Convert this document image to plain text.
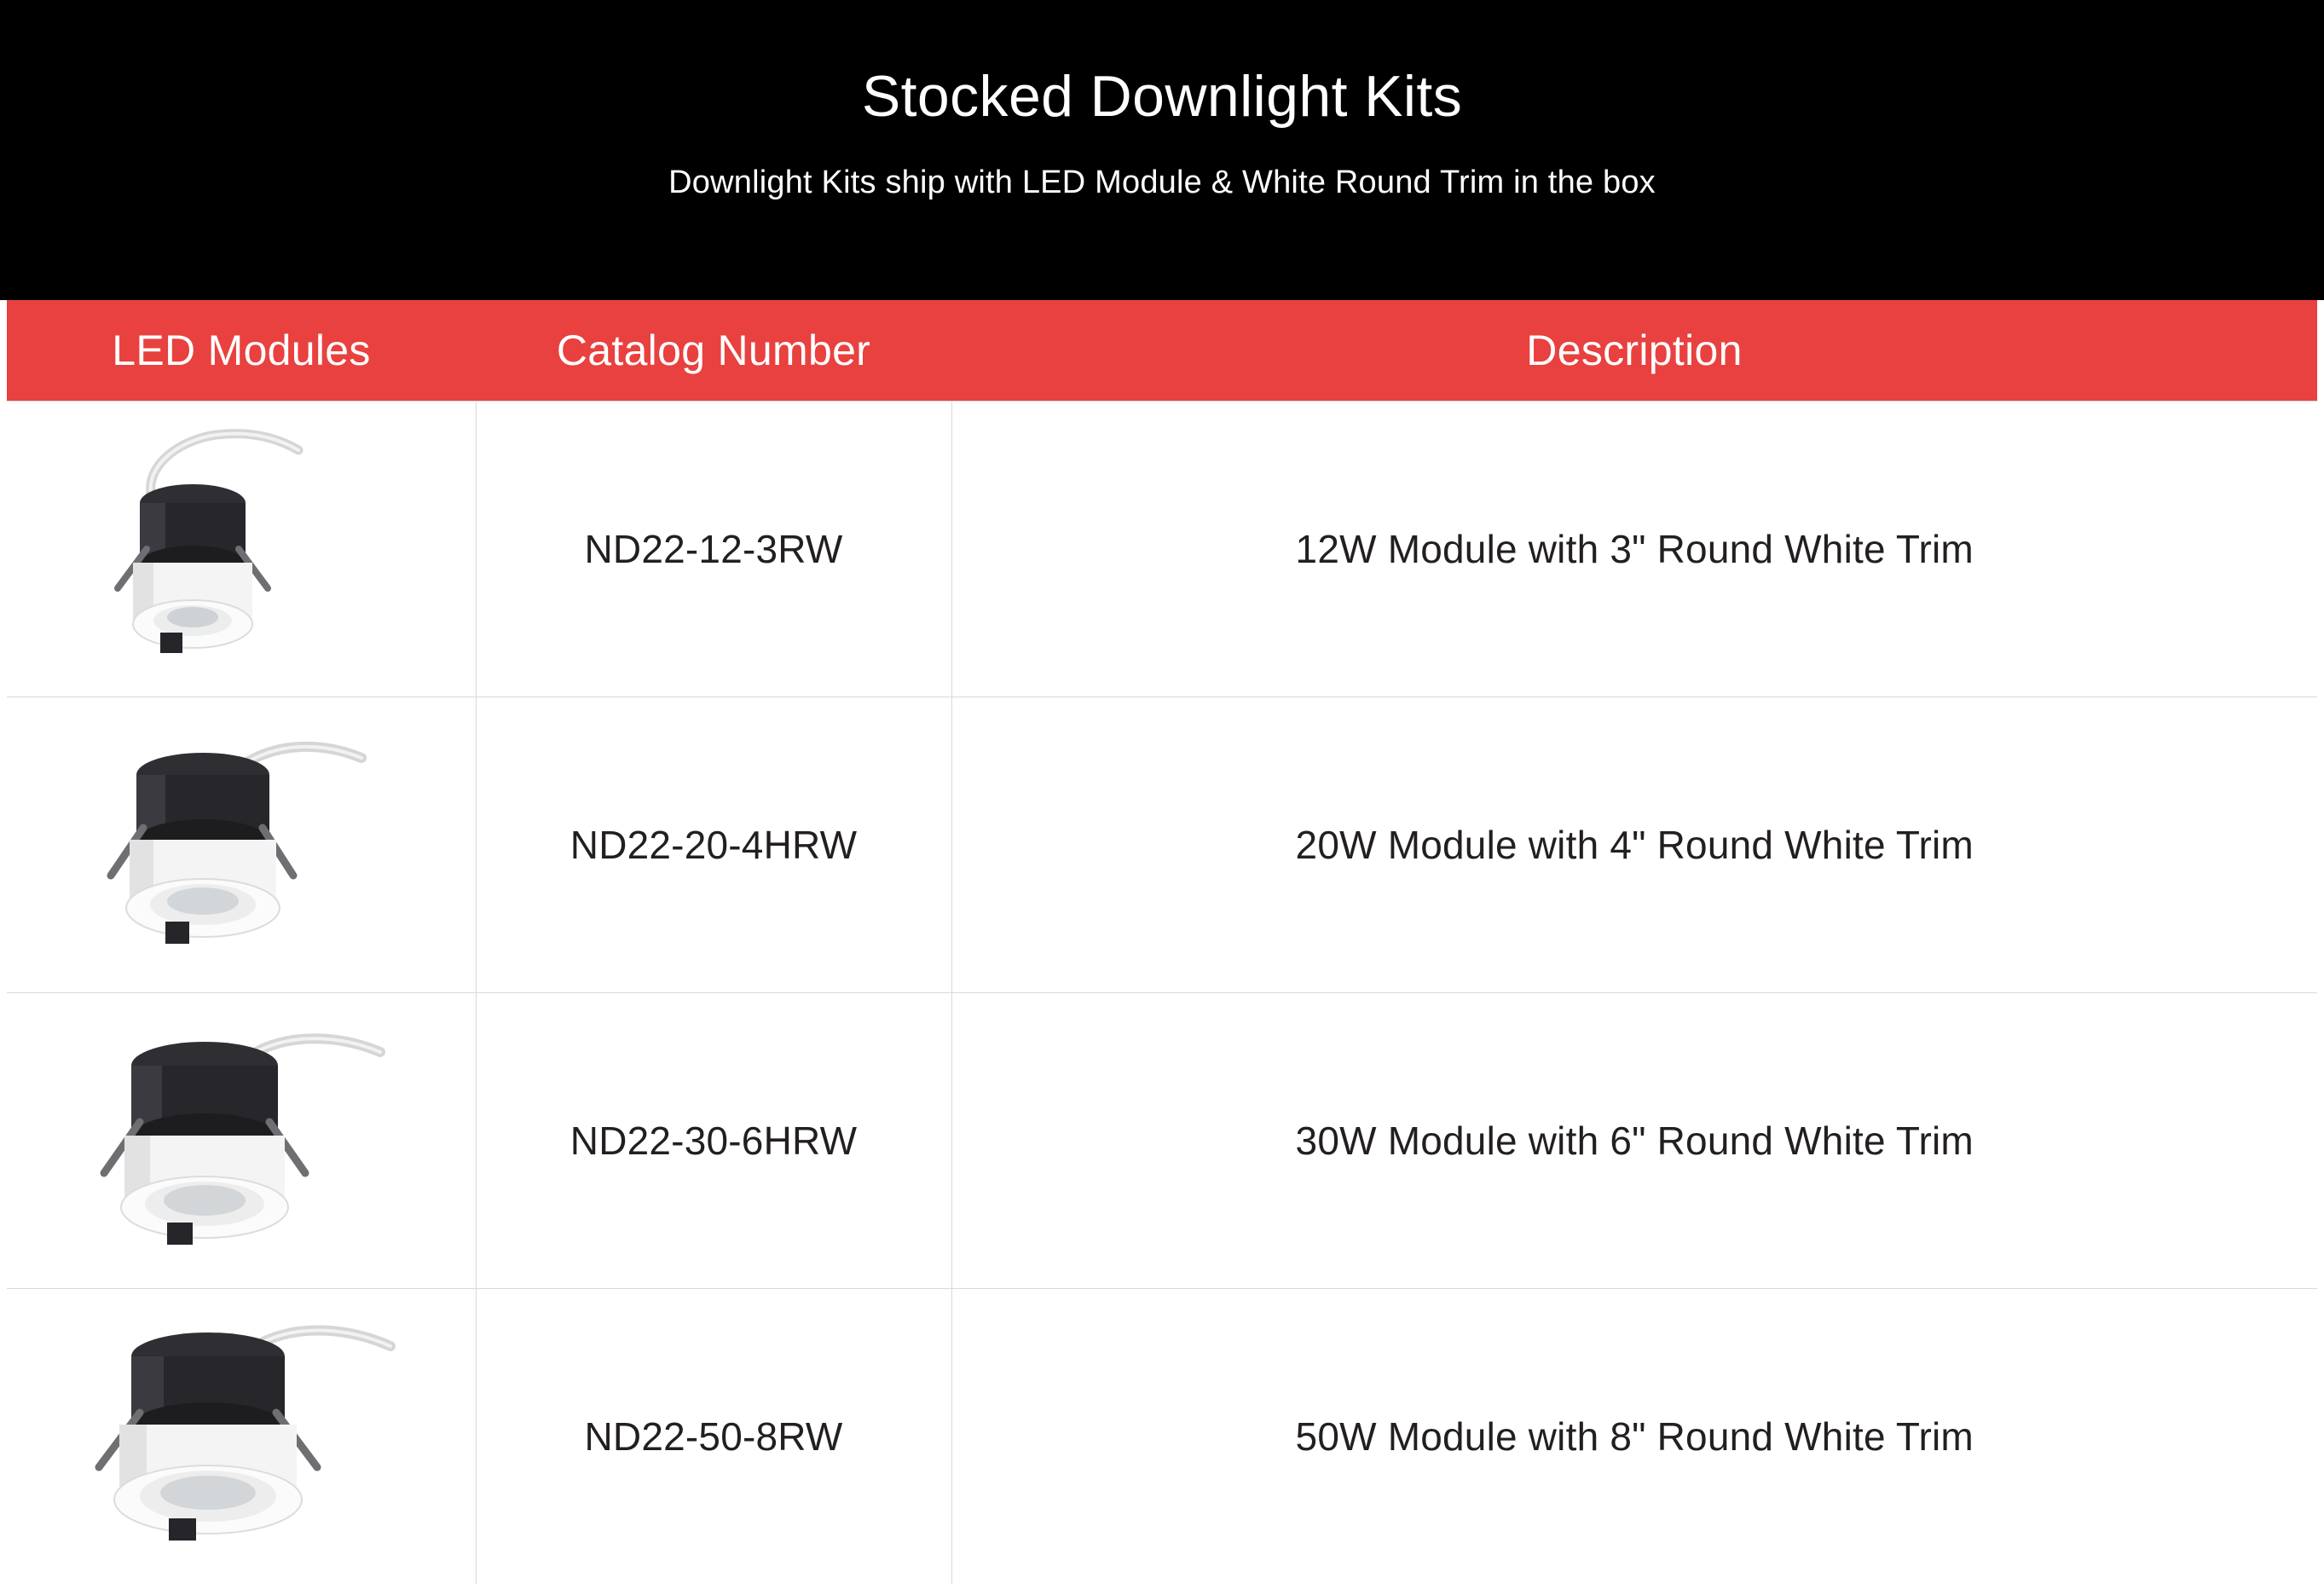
Stocked Downlight Kits
Downlight Kits ship with LED Module & White Round Trim in the box
LED Modules	Catalog Number	Description

	ND22-12-3RW	12W Module with 3" Round White Trim

	ND22-20-4HRW	20W Module with 4" Round White Trim

	ND22-30-6HRW	30W Module with 6" Round White Trim

	ND22-50-8RW	50W Module with 8" Round White Trim
